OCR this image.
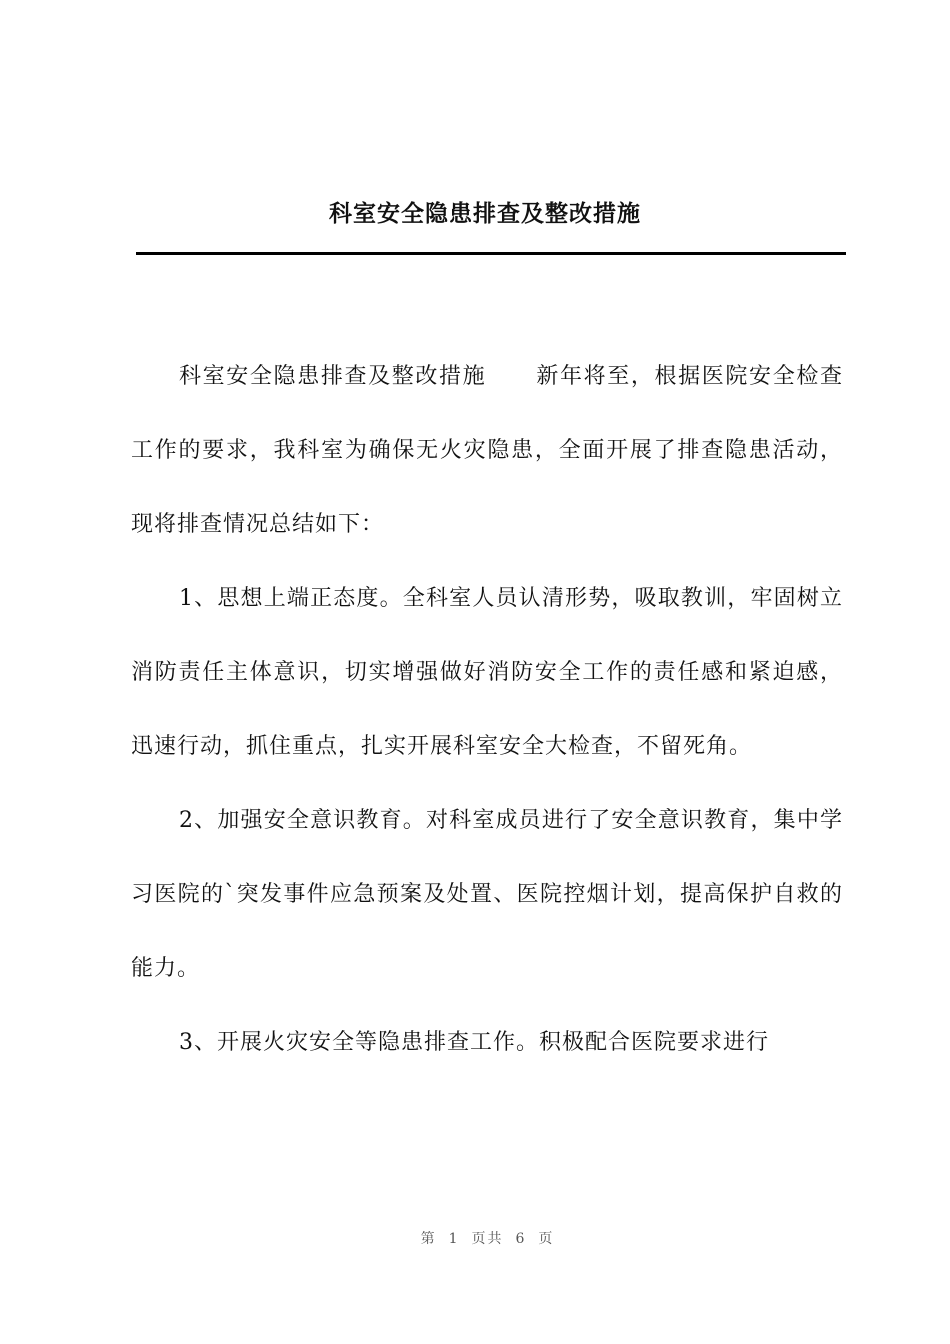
科室安全隐患排查及整改措施

科室安全隐患排查及整改措施 新年将至，根据医院安全检查工作的要求，我科室为确保无火灾隐患，全面开展了排查隐患活动，现将排查情况总结如下：

1、思想上端正态度。全科室人员认清形势，吸取教训，牢固树立消防责任主体意识，切实增强做好消防安全工作的责任感和紧迫感，迅速行动，抓住重点，扎实开展科室安全大检查，不留死角。

2、加强安全意识教育。对科室成员进行了安全意识教育，集中学习医院的`突发事件应急预案及处置、医院控烟计划，提高保护自救的能力。

3、开展火灾安全等隐患排查工作。积极配合医院要求进行

第 1 页共 6 页
